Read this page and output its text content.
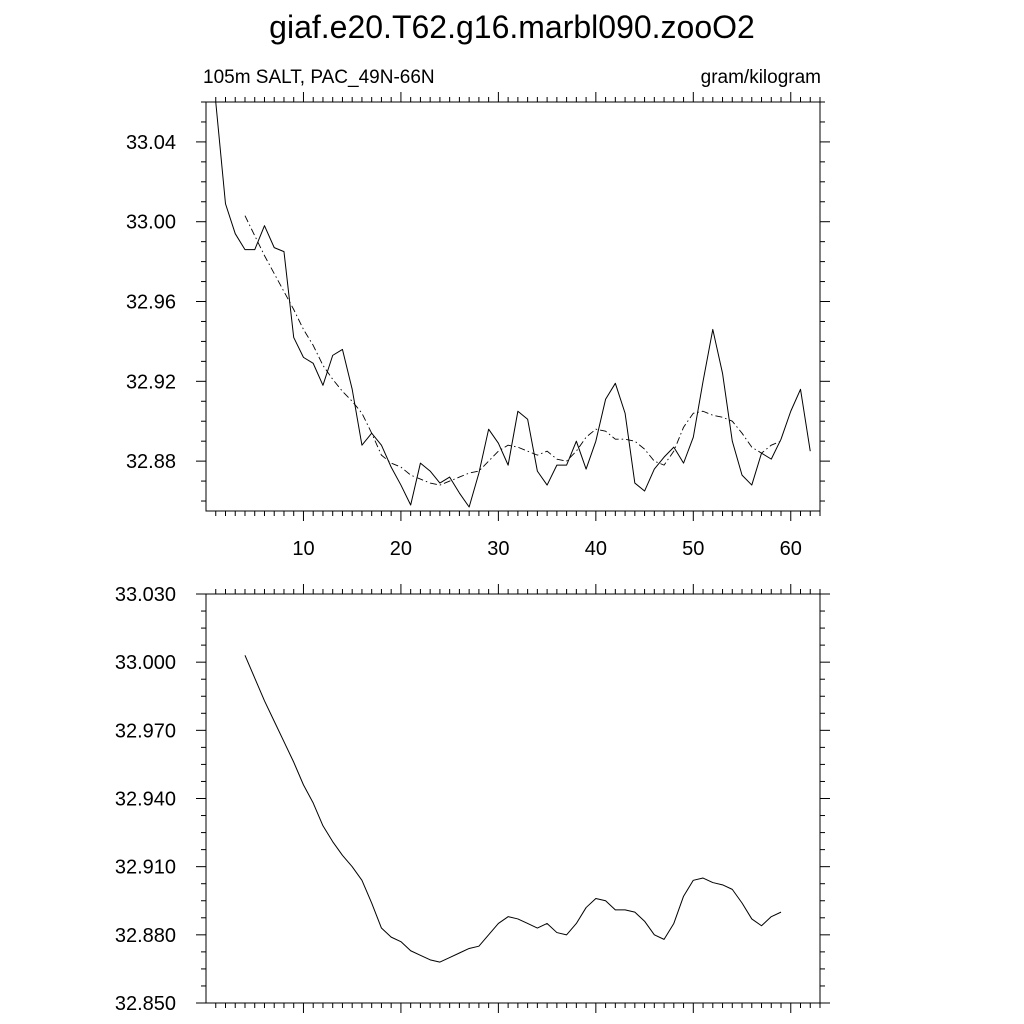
giaf.e20.T62.g16.marbl090.zooO2
105m SALT, PAC_49N-66N	gram/kilogram
32.88
32.92
32.96
33.00
33.04
10	20	30	40	50	60
32.850
32.880
32.910
32.940
32.970
33.000
33.030
